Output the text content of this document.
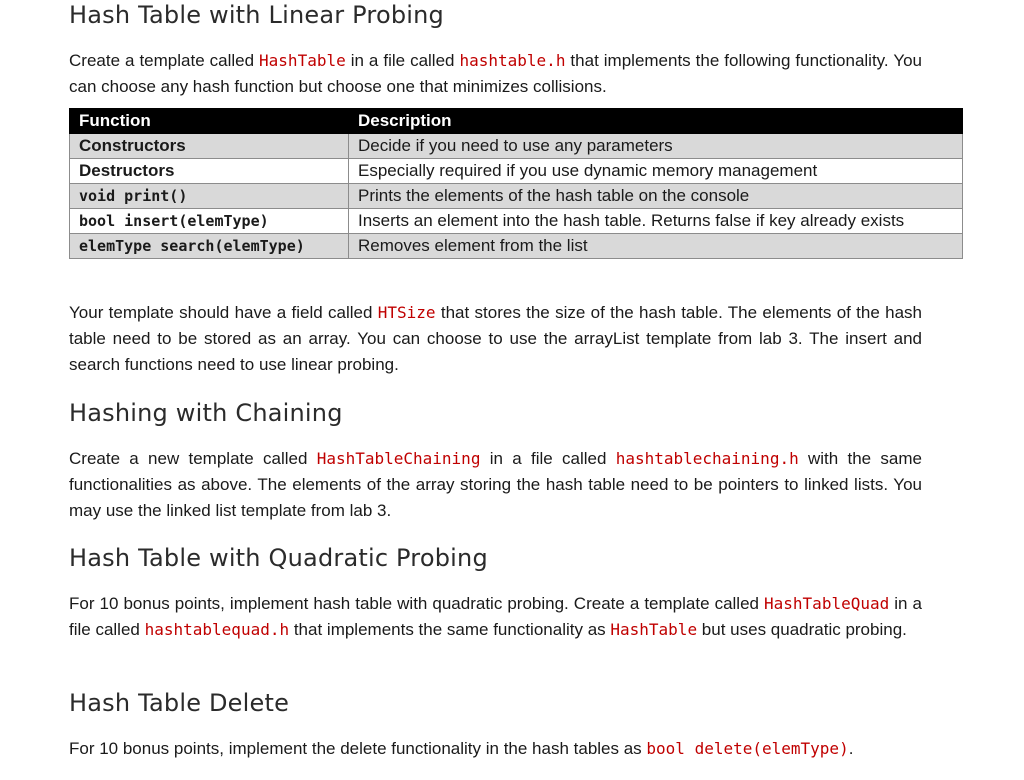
Hash Table with Linear Probing

Create a template called HashTable in a file called hashtable.h that implements the following functionality. You can choose any hash function but choose one that minimizes collisions.

Function	Description
Constructors	Decide if you need to use any parameters
Destructors	Especially required if you use dynamic memory management
void print()	Prints the elements of the hash table on the console
bool insert(elemType)	Inserts an element into the hash table. Returns false if key already exists
elemType search(elemType)	Removes element from the list

Your template should have a field called HTSize that stores the size of the hash table. The elements of the hash table need to be stored as an array. You can choose to use the arrayList template from lab 3. The insert and search functions need to use linear probing.

Hashing with Chaining

Create a new template called HashTableChaining in a file called hashtablechaining.h with the same functionalities as above. The elements of the array storing the hash table need to be pointers to linked lists. You may use the linked list template from lab 3.

Hash Table with Quadratic Probing

For 10 bonus points, implement hash table with quadratic probing. Create a template called HashTableQuad in a file called hashtablequad.h that implements the same functionality as HashTable but uses quadratic probing.

Hash Table Delete

For 10 bonus points, implement the delete functionality in the hash tables as bool delete(elemType).
